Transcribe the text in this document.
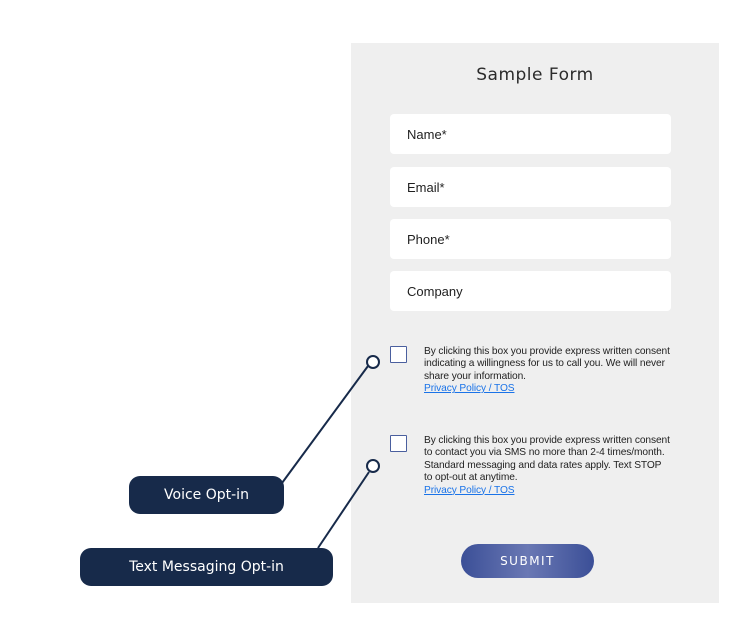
Sample Form
Name*
Email*
Phone*
Company
By clicking this box you provide express written consent indicating a willingness for us to call you. We will never share your information.
Privacy Policy / TOS
By clicking this box you provide express written consent to contact you via SMS no more than 2-4 times/month. Standard messaging and data rates apply. Text STOP to opt-out at anytime.
Privacy Policy / TOS
SUBMIT
Voice Opt-in
Text Messaging Opt-in
